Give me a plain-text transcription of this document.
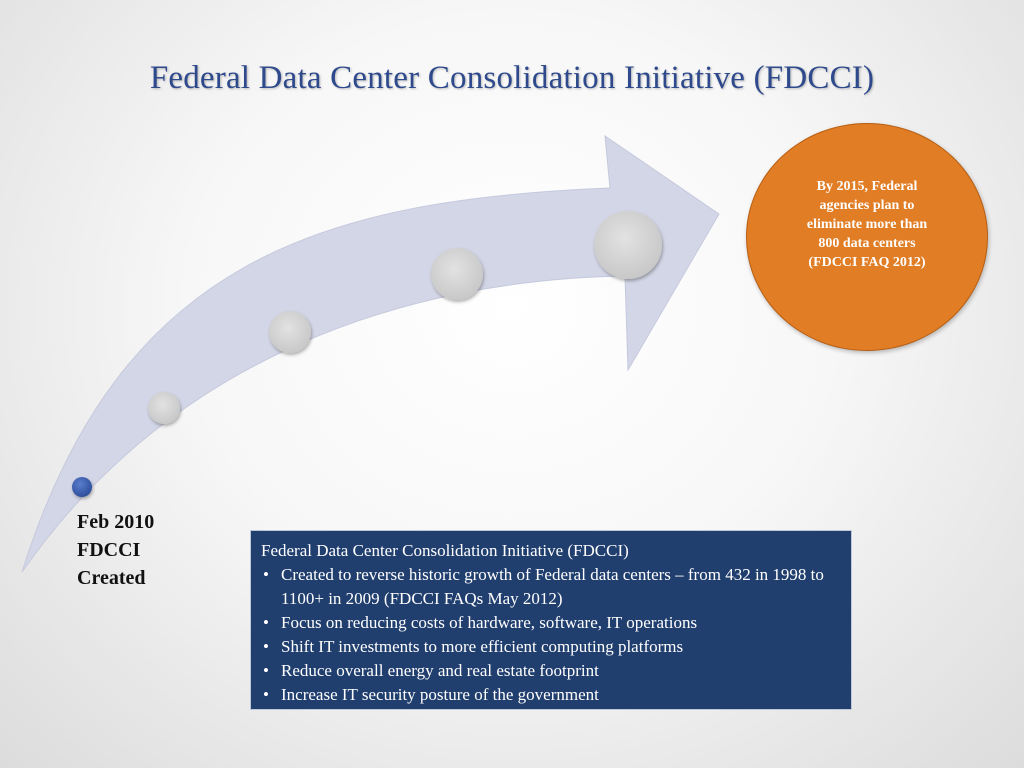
Federal Data Center Consolidation Initiative (FDCCI)
Feb 2010
FDCCI
Created
By 2015, Federal agencies plan to eliminate more than 800 data centers (FDCCI FAQ 2012)
Federal Data Center Consolidation Initiative (FDCCI)
• Created to reverse historic growth of Federal data centers – from 432 in 1998 to 1100+ in 2009 (FDCCI FAQs May 2012)
• Focus on reducing costs of hardware, software, IT operations
• Shift IT investments to more efficient computing platforms
• Reduce overall energy and real estate footprint
• Increase IT security posture of the government
